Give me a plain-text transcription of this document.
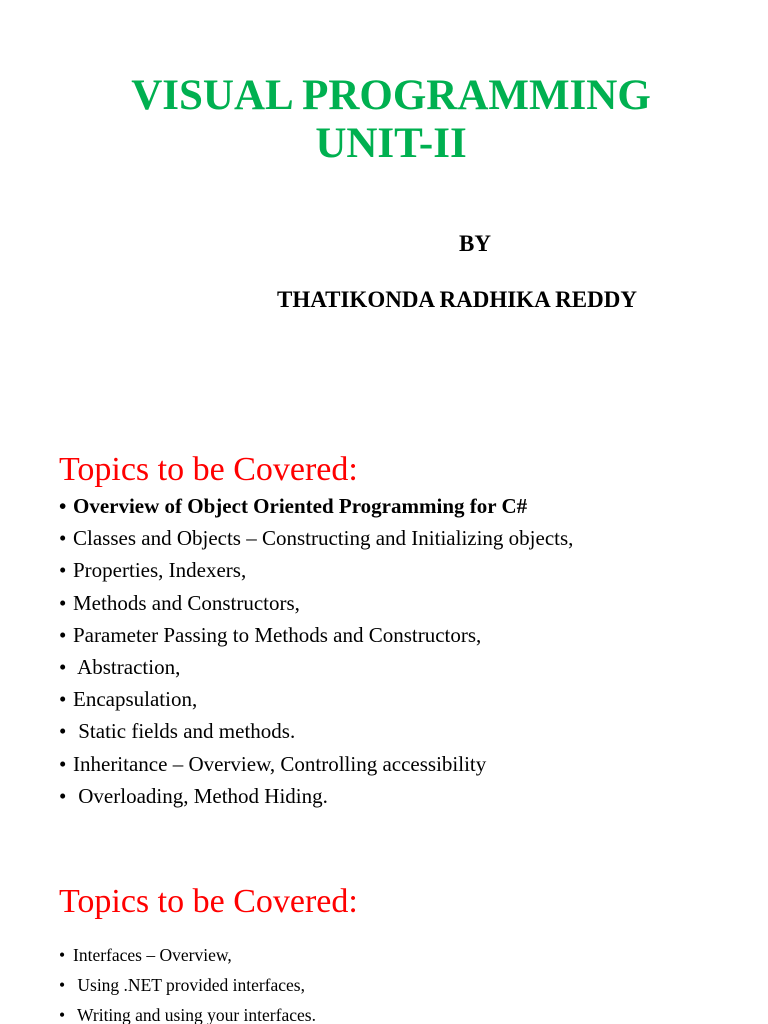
VISUAL PROGRAMMING
UNIT-II
BY
THATIKONDA RADHIKA REDDY
Topics to be Covered:
• Overview of Object Oriented Programming for C#
• Classes and Objects – Constructing and Initializing objects,
• Properties, Indexers,
• Methods and Constructors,
• Parameter Passing to Methods and Constructors,
• Abstraction,
• Encapsulation,
• Static fields and methods.
• Inheritance – Overview, Controlling accessibility
• Overloading, Method Hiding.
Topics to be Covered:
• Interfaces – Overview,
• Using .NET provided interfaces,
• Writing and using your interfaces.
